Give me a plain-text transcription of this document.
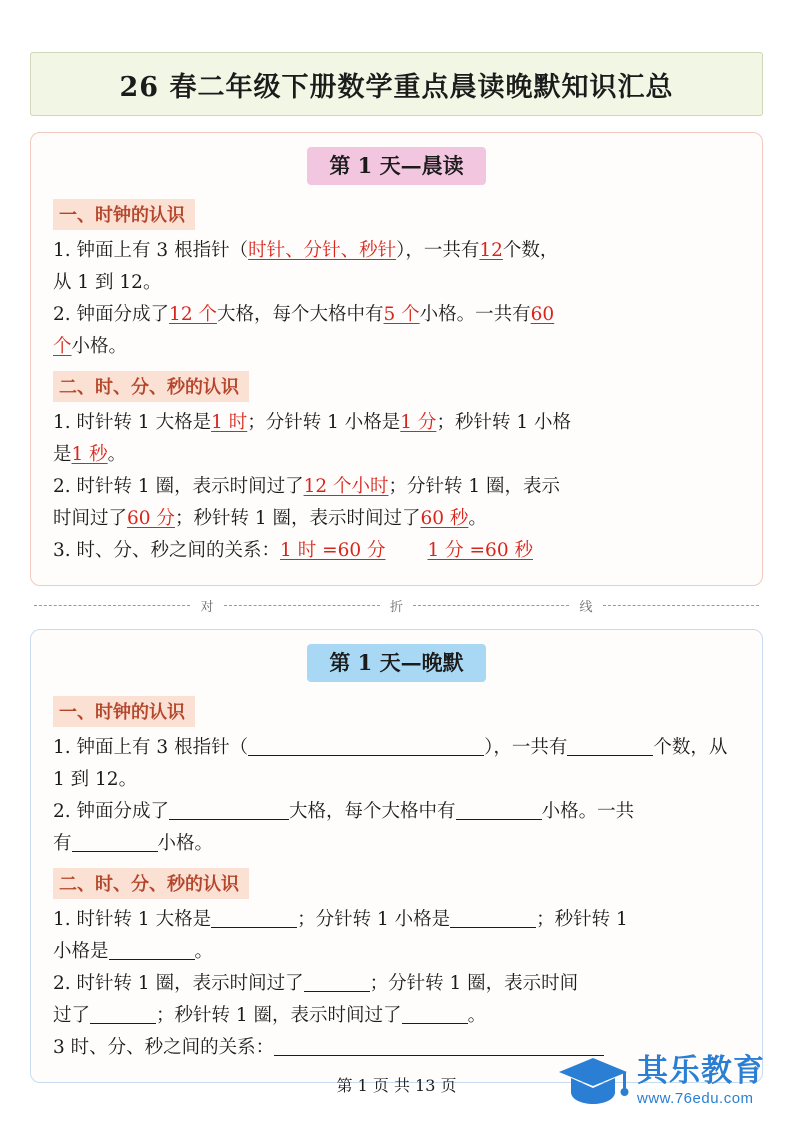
26 春二年级下册数学重点晨读晚默知识汇总
第 1 天—晨读
一、时钟的认识
1. 钟面上有 3 根指针（时针、分针、秒针），一共有12个数，
从 1 到 12。
2. 钟面分成了12 个大格，每个大格中有5 个小格。一共有60
个小格。
二、时、分、秒的认识
1. 时针转 1 大格是1 时；分针转 1 小格是1 分；秒针转 1 小格
是1 秒。
2. 时针转 1 圈，表示时间过了12 个小时；分针转 1 圈，表示
时间过了60 分；秒针转 1 圈，表示时间过了60 秒。
3. 时、分、秒之间的关系：1 时 =60 分 1 分 =60 秒
对	折	线
第 1 天—晚默
一、时钟的认识
1. 钟面上有 3 根指针（	），一共有	个数，从
1 到 12。
2. 钟面分成了	大格，每个大格中有	小格。一共
有	小格。
二、时、分、秒的认识
1. 时针转 1 大格是	；分针转 1 小格是	；秒针转 1
小格是	。
2. 时针转 1 圈，表示时间过了	；分针转 1 圈，表示时间
过了	；秒针转 1 圈，表示时间过了	。
3 时、分、秒之间的关系：
第 1 页 共 13 页	其乐教育
www.76edu.com
